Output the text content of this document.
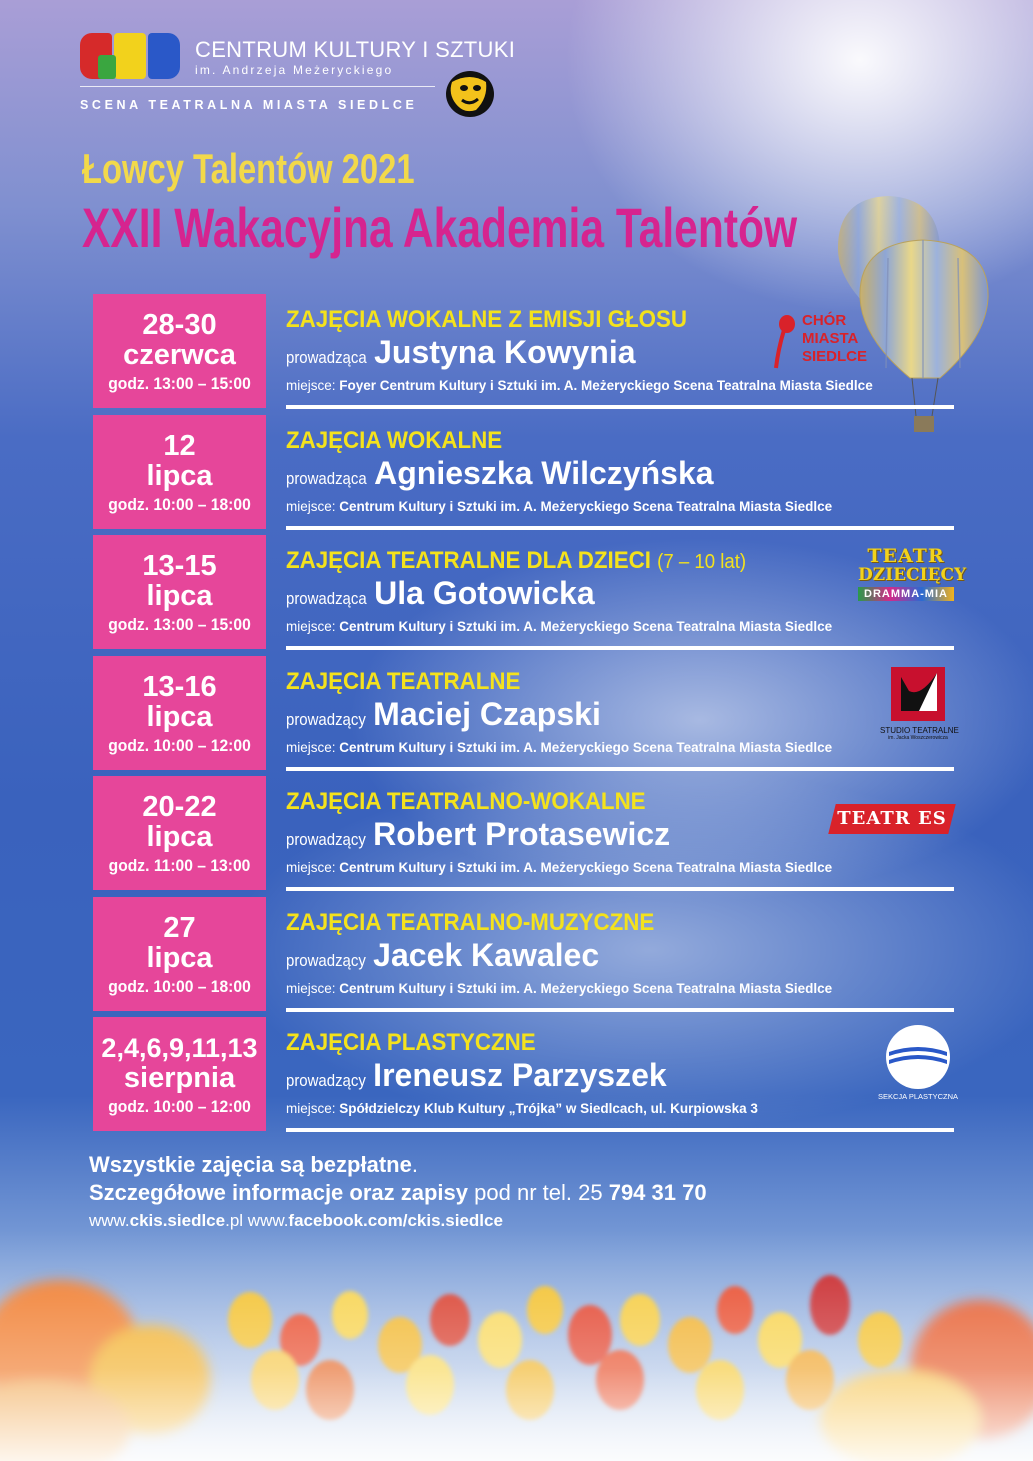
CENTRUM KULTURY I SZTUKI
im. Andrzeja Meżeryckiego
SCENA TEATRALNA MIASTA SIEDLCE
Łowcy Talentów 2021
XXII Wakacyjna Akademia Talentów
28-30
czerwca
godz. 13:00 – 15:00
ZAJĘCIA WOKALNE Z EMISJI GŁOSU
prowadząca Justyna Kowynia
miejsce: Foyer Centrum Kultury i Sztuki im. A. Meżeryckiego Scena Teatralna Miasta Siedlce
12
lipca
godz. 10:00 – 18:00
ZAJĘCIA WOKALNE
prowadząca Agnieszka Wilczyńska
miejsce: Centrum Kultury i Sztuki im. A. Meżeryckiego Scena Teatralna Miasta Siedlce
13-15
lipca
godz. 13:00 – 15:00
ZAJĘCIA TEATRALNE DLA DZIECI (7 – 10 lat)
prowadząca Ula Gotowicka
miejsce: Centrum Kultury i Sztuki im. A. Meżeryckiego Scena Teatralna Miasta Siedlce
13-16
lipca
godz. 10:00 – 12:00
ZAJĘCIA TEATRALNE
prowadzący Maciej Czapski
miejsce: Centrum Kultury i Sztuki im. A. Meżeryckiego Scena Teatralna Miasta Siedlce
20-22
lipca
godz. 11:00 – 13:00
ZAJĘCIA TEATRALNO-WOKALNE
prowadzący Robert Protasewicz
miejsce: Centrum Kultury i Sztuki im. A. Meżeryckiego Scena Teatralna Miasta Siedlce
27
lipca
godz. 10:00 – 18:00
ZAJĘCIA TEATRALNO-MUZYCZNE
prowadzący Jacek Kawalec
miejsce: Centrum Kultury i Sztuki im. A. Meżeryckiego Scena Teatralna Miasta Siedlce
2,4,6,9,11,13
sierpnia
godz. 10:00 – 12:00
ZAJĘCIA PLASTYCZNE
prowadzący Ireneusz Parzyszek
miejsce: Spółdzielczy Klub Kultury „Trójka” w Siedlcach, ul. Kurpiowska 3
CHÓR
MIASTA
SIEDLCE
TEATR
DZIECIĘCY
DRAMMA-MIA
STUDIO TEATRALNE
im. Jacka Woszczerowicza
TEATR ES
SEKCJA PLASTYCZNA
Wszystkie zajęcia są bezpłatne.
Szczegółowe informacje oraz zapisy pod nr tel. 25 794 31 70
www.ckis.siedlce.pl www.facebook.com/ckis.siedlce
